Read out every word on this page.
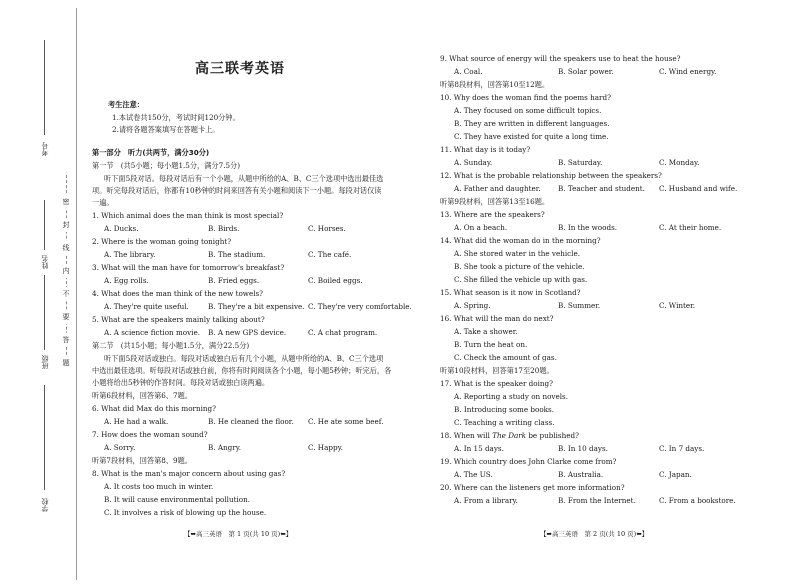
考号
姓名
班级
学校
密
封
线
内
不
要
答
题
高三联考英语
考生注意：
1.本试卷共150分，考试时间120分钟。
2.请将各题答案填写在答题卡上。
第一部分　听力(共两节，满分30分)
第一节　(共5小题；每小题1.5分，满分7.5分)
听下面5段对话。每段对话后有一个小题，从题中所给的A、B、C三个选项中选出最佳选
项。听完每段对话后，你都有10秒钟的时间来回答有关小题和阅读下一小题。每段对话仅读
一遍。
1. Which animal does the man think is most special?
A. Ducks.	B. Birds.	C. Horses.
2. Where is the woman going tonight?
A. The library.	B. The stadium.	C. The café.
3. What will the man have for tomorrow's breakfast?
A. Egg rolls.	B. Fried eggs.	C. Boiled eggs.
4. What does the man think of the new towels?
A. They're quite useful.	B. They're a bit expensive. C. They're very comfortable.
5. What are the speakers mainly talking about?
A. A science fiction movie. B. A new GPS device.	C. A chat program.
第二节　(共15小题；每小题1.5分，满分22.5分)
听下面5段对话或独白。每段对话或独白后有几个小题，从题中所给的A、B、C三个选项
中选出最佳选项。听每段对话或独白前，你将有时间阅读各个小题，每小题5秒钟；听完后，各
小题将给出5秒钟的作答时间。每段对话或独白读两遍。
听第6段材料，回答第6、7题。
6. What did Max do this morning?
A. He had a walk.	B. He cleaned the floor. C. He ate some beef.
7. How does the woman sound?
A. Sorry.	B. Angry.	C. Happy.
听第7段材料，回答第8、9题。
8. What is the man's major concern about using gas?
A. It costs too much in winter.
B. It will cause environmental pollution.
C. It involves a risk of blowing up the house.
【➡高三英语　第 1 页(共 10 页)⬅】
9. What source of energy will the speakers use to heat the house?
A. Coal.	B. Solar power.	C. Wind energy.
听第8段材料，回答第10至12题。
10. Why does the woman find the poems hard?
A. They focused on some difficult topics.
B. They are written in different languages.
C. They have existed for quite a long time.
11. What day is it today?
A. Sunday.	B. Saturday.	C. Monday.
12. What is the probable relationship between the speakers?
A. Father and daughter. B. Teacher and student. C. Husband and wife.
听第9段材料，回答第13至16题。
13. Where are the speakers?
A. On a beach.	B. In the woods.	C. At their home.
14. What did the woman do in the morning?
A. She stored water in the vehicle.
B. She took a picture of the vehicle.
C. She filled the vehicle up with gas.
15. What season is it now in Scotland?
A. Spring.	B. Summer.	C. Winter.
16. What will the man do next?
A. Take a shower.
B. Turn the heat on.
C. Check the amount of gas.
听第10段材料，回答第17至20题。
17. What is the speaker doing?
A. Reporting a study on novels.
B. Introducing some books.
C. Teaching a writing class.
18. When will The Dark be published?
A. In 15 days.	B. In 10 days.	C. In 7 days.
19. Which country does John Clarke come from?
A. The US.	B. Australia.	C. Japan.
20. Where can the listeners get more information?
A. From a library.	B. From the Internet.	C. From a bookstore.
【➡高三英语　第 2 页(共 10 页)⬅】
